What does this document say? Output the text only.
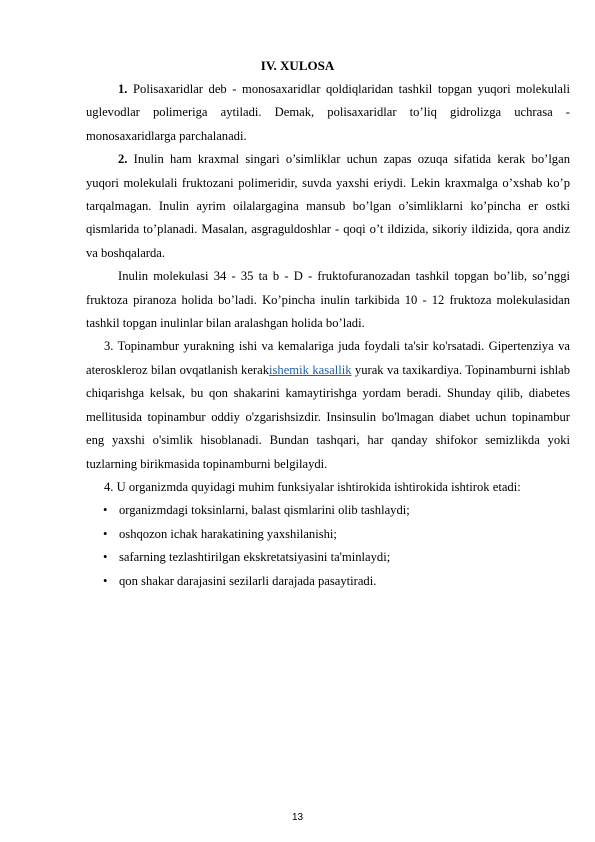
IV. XULOSA

1. Polisaxaridlar deb - monosaxaridlar qoldiqlaridan tashkil topgan yuqori molekulali uglevodlar polimeriga aytiladi. Demak, polisaxaridlar to’liq gidrolizga uchrasa - monosaxaridlarga parchalanadi.

2. Inulin ham kraxmal singari o’simliklar uchun zapas ozuqa sifatida kerak bo’lgan yuqori molekulali fruktozani polimeridir, suvda yaxshi eriydi. Lekin kraxmalga o’xshab ko’p tarqalmagan. Inulin ayrim oilalargagina mansub bo’lgan o’simliklarni ko’pincha er ostki qismlarida to’planadi. Masalan, asgraguldoshlar - qoqi o’t ildizida, sikoriy ildizida, qora andiz va boshqalarda.

Inulin molekulasi 34 - 35 ta b - D - fruktofuranozadan tashkil topgan bo’lib, so’nggi fruktoza piranoza holida bo’ladi. Ko’pincha inulin tarkibida 10 - 12 fruktoza molekulasidan tashkil topgan inulinlar bilan aralashgan holida bo’ladi.

3. Topinambur yurakning ishi va kemalariga juda foydali ta'sir ko'rsatadi. Gipertenziya va ateroskleroz bilan ovqatlanish kerakishemik kasallik yurak va taxikardiya. Topinamburni ishlab chiqarishga kelsak, bu qon shakarini kamaytirishga yordam beradi. Shunday qilib, diabetes mellitusida topinambur oddiy o'zgarishsizdir. Insinsulin bo'lmagan diabet uchun topinambur eng yaxshi o'simlik hisoblanadi. Bundan tashqari, har qanday shifokor semizlikda yoki tuzlarning birikmasida topinamburni belgilaydi.

4. U organizmda quyidagi muhim funksiyalar ishtirokida ishtirokida ishtirok etadi:

• organizmdagi toksinlarni, balast qismlarini olib tashlaydi;
• oshqozon ichak harakatining yaxshilanishi;
• safarning tezlashtirilgan ekskretatsiyasini ta'minlaydi;
• qon shakar darajasini sezilarli darajada pasaytiradi.
13
